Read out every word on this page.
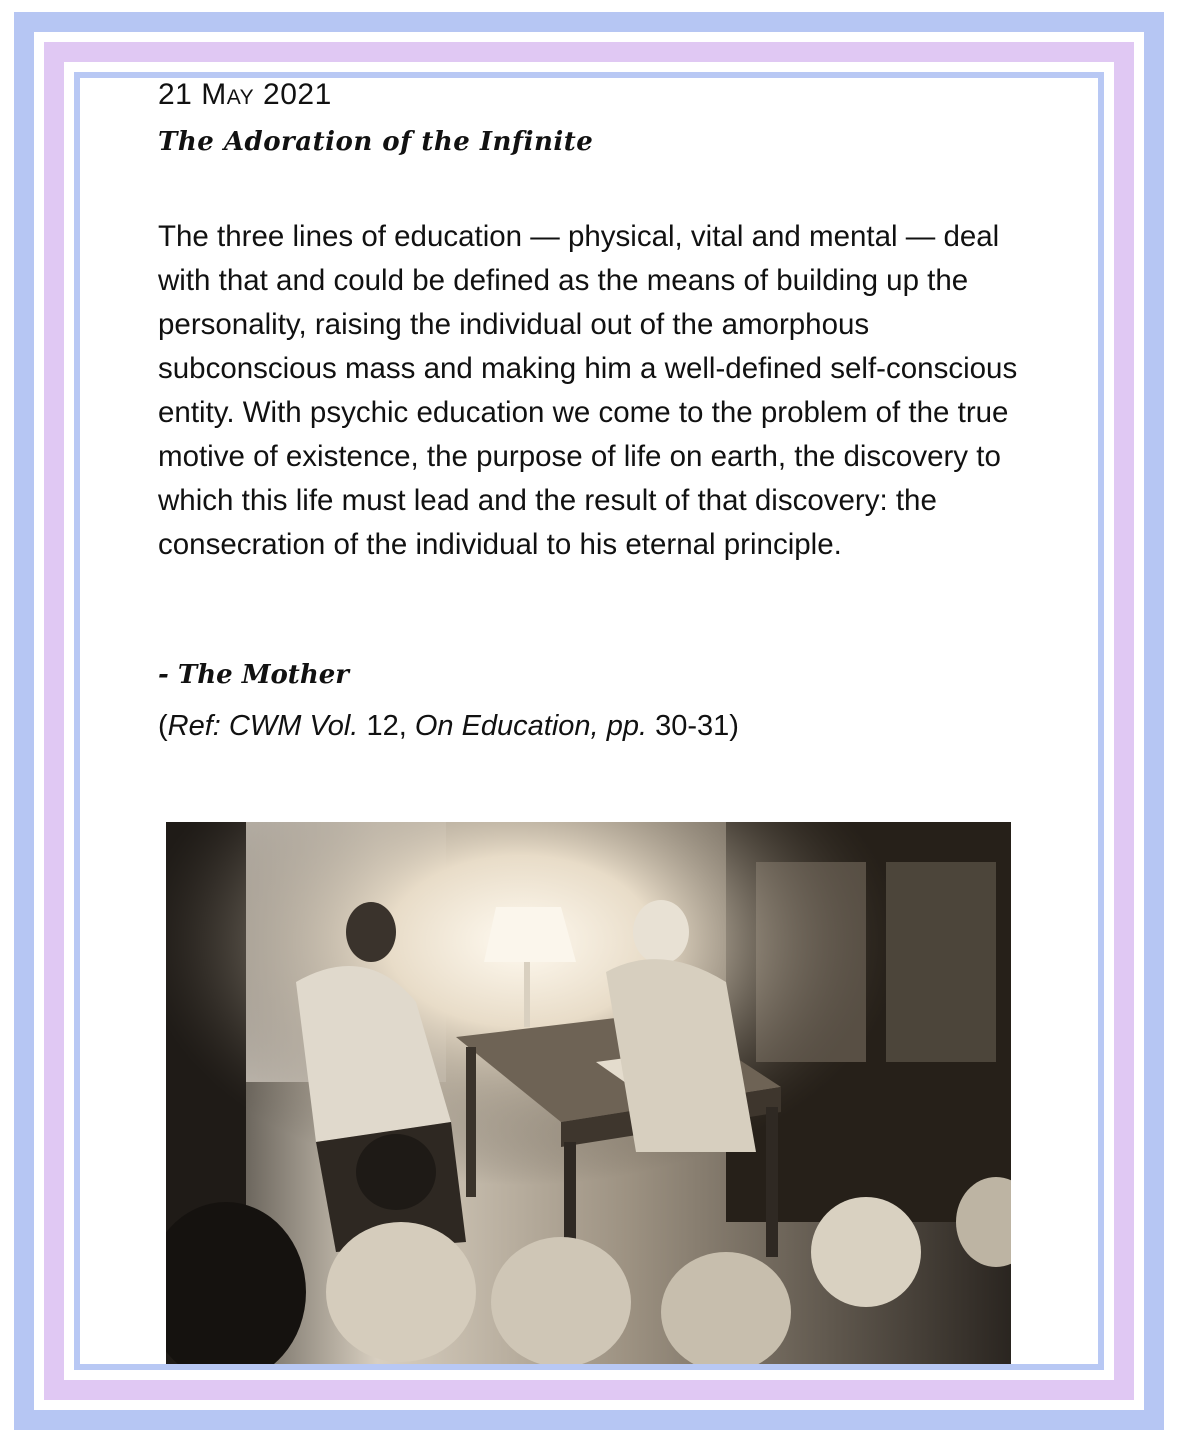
21 May 2021
The Adoration of the Infinite
The three lines of education — physical, vital and mental — deal with that and could be defined as the means of building up the personality, raising the individual out of the amorphous subconscious mass and making him a well-defined self-conscious entity. With psychic education we come to the problem of the true motive of existence, the purpose of life on earth, the discovery to which this life must lead and the result of that discovery: the consecration of the individual to his eternal principle.
- The Mother
(Ref: CWM Vol. 12, On Education, pp. 30-31)
